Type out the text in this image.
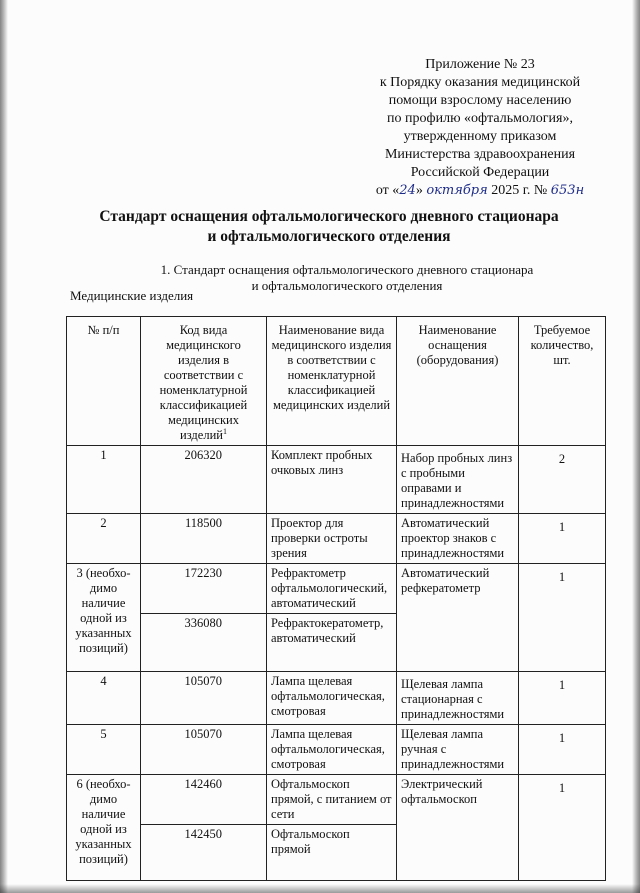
Приложение № 23
к Порядку оказания медицинской
помощи взрослому населению
по профилю «офтальмология»,
утвержденному приказом
Министерства здравоохранения
Российской Федерации
от «24» октября 2025 г. № 653н
Стандарт оснащения офтальмологического дневного стационара
и офтальмологического отделения
1. Стандарт оснащения офтальмологического дневного стационара
и офтальмологического отделения
Медицинские изделия
№ п/п	Код вида медицинского изделия в соответствии с номенклатурной классификацией медицинских изделий$^1$	Наименование вида медицинского изделия в соответствии с номенклатурной классификацией медицинских изделий	Наименование оснащения (оборудования)	Требуемое количество, шт.
1	206320	Комплект пробных очковых линз	Набор пробных линз с пробными оправами и принадлежностями	2
2	118500	Проектор для проверки остроты зрения	Автоматический проектор знаков с принадлежностями	1
3 (необхо-димо наличие одной из указанных позиций)	172230	Рефрактометр офтальмологический, автоматический	Автоматический рефкератометр	1
	336080	Рефрактокератометр, автоматический		
4	105070	Лампа щелевая офтальмологическая, смотровая	Щелевая лампа стационарная с принадлежностями	1
5	105070	Лампа щелевая офтальмологическая, смотровая	Щелевая лампа ручная с принадлежностями	1
6 (необхо-димо наличие одной из указанных позиций)	142460	Офтальмоскоп прямой, с питанием от сети	Электрический офтальмоскоп	1
	142450	Офтальмоскоп прямой		
